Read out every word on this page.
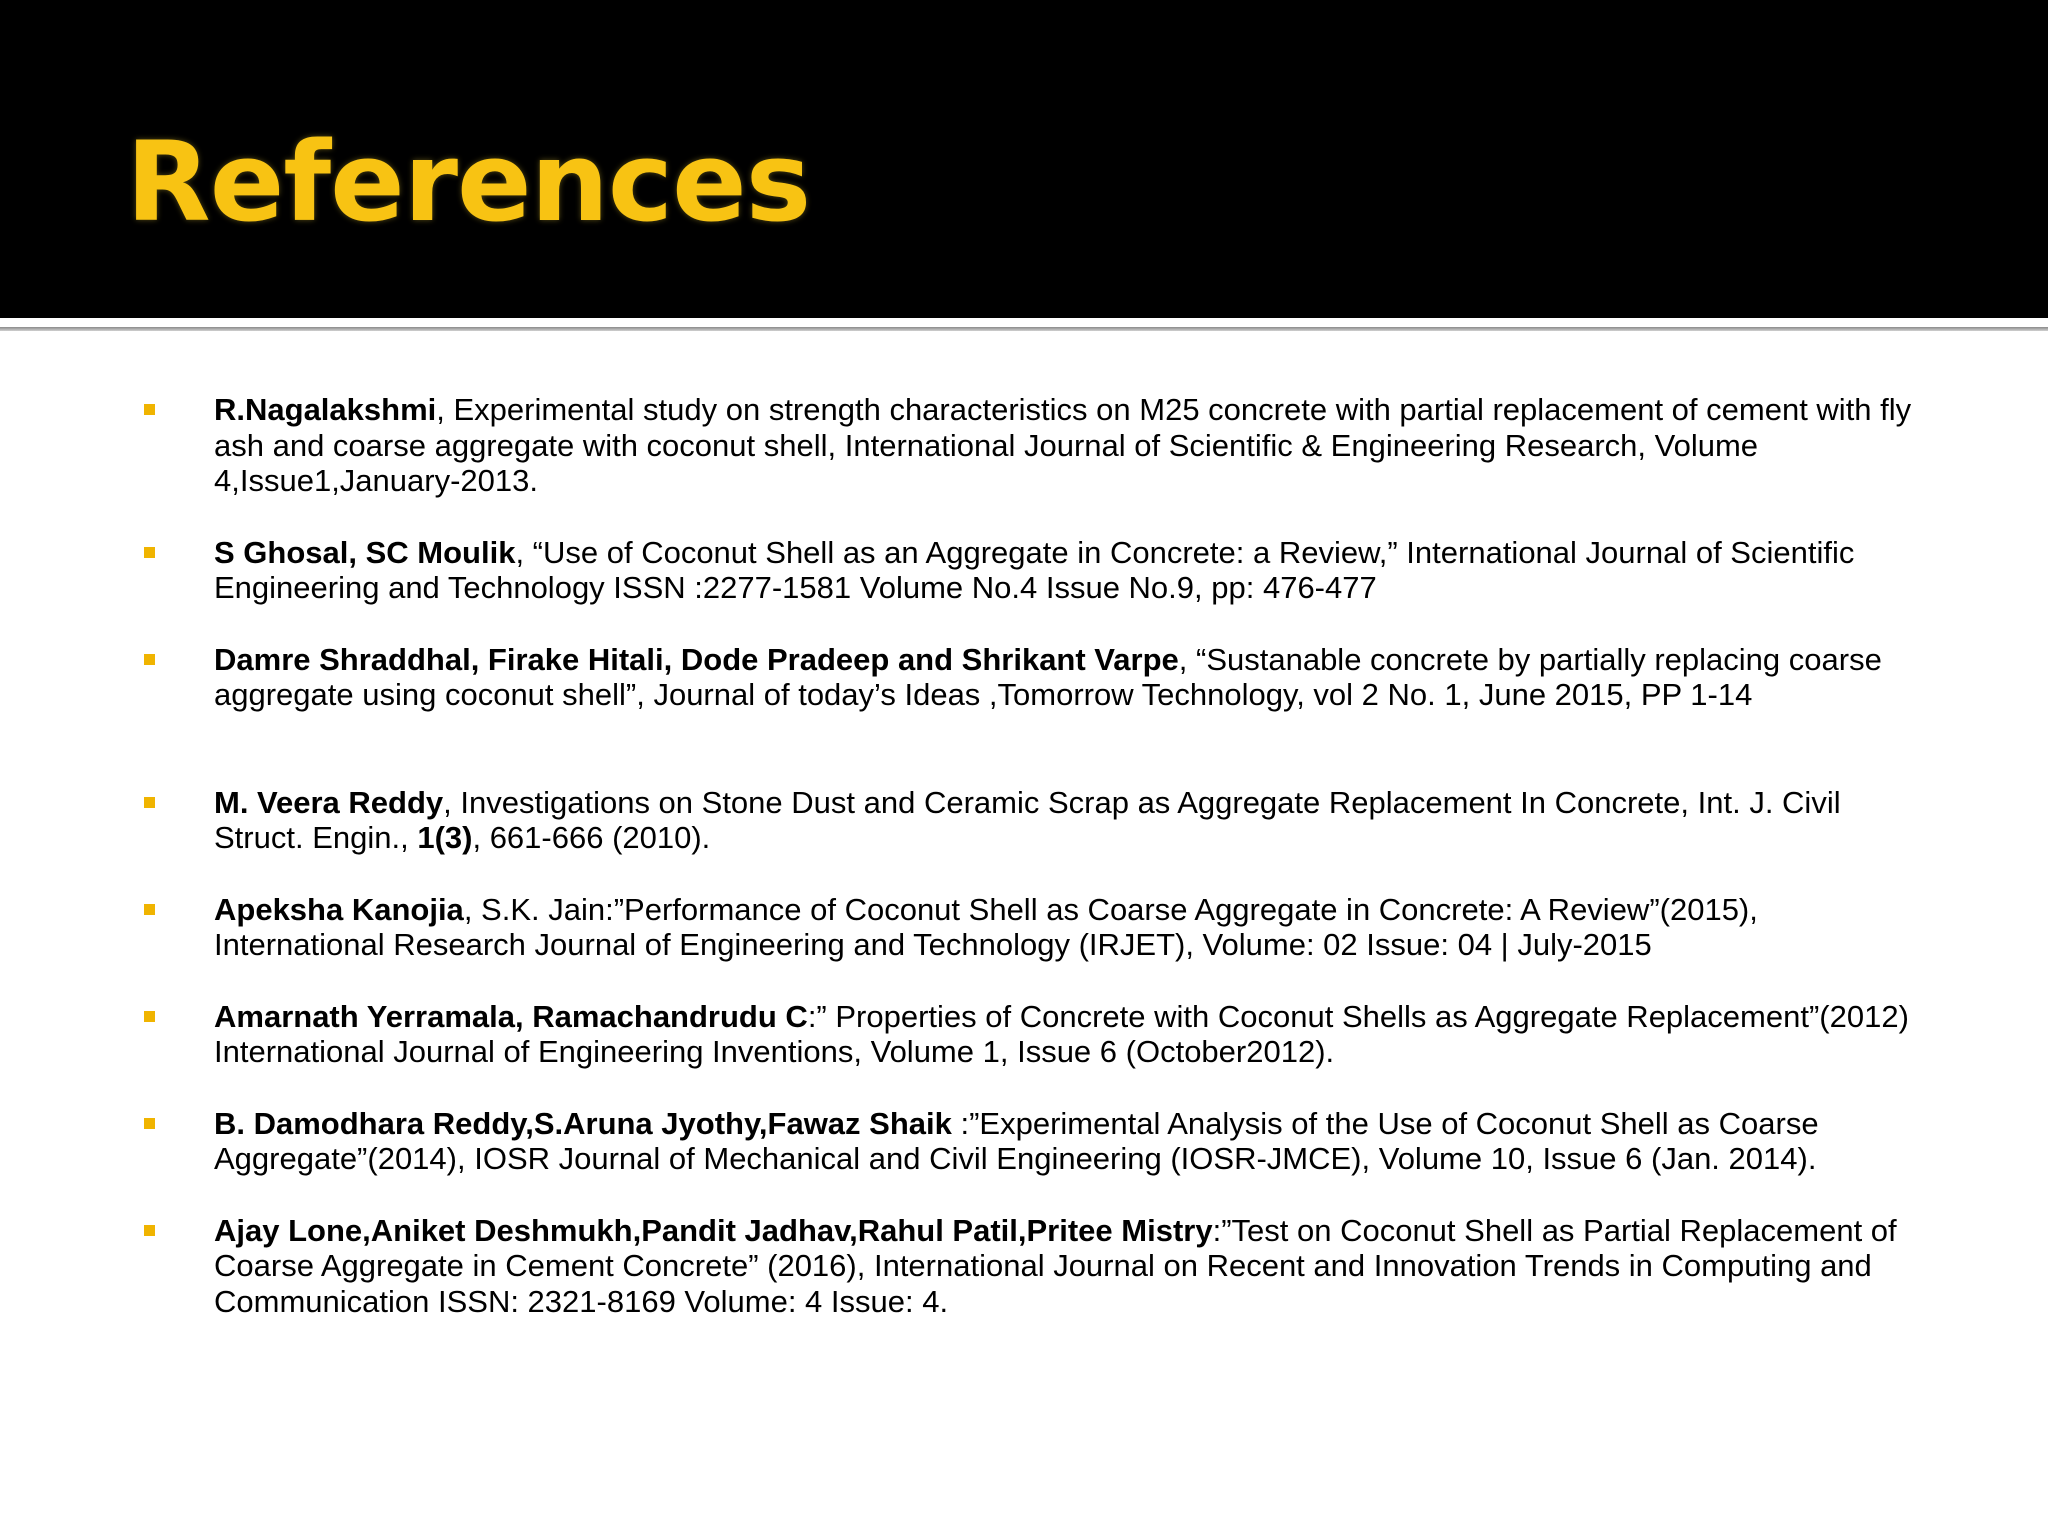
References
R.Nagalakshmi, Experimental study on strength characteristics on M25 concrete with partial replacement of cement with fly ash and coarse aggregate with coconut shell, International Journal of Scientific & Engineering Research, Volume 4,Issue1,January-2013.
S Ghosal, SC Moulik, “Use of Coconut Shell as an Aggregate in Concrete: a Review,” International Journal of Scientific Engineering and Technology ISSN :2277-1581 Volume No.4 Issue No.9, pp: 476-477
Damre Shraddhal, Firake Hitali, Dode Pradeep and Shrikant Varpe, “Sustanable concrete by partially replacing coarse aggregate using coconut shell”, Journal of today’s Ideas ,Tomorrow Technology, vol 2 No. 1, June 2015, PP 1-14
M. Veera Reddy, Investigations on Stone Dust and Ceramic Scrap as Aggregate Replacement In Concrete, Int. J. Civil Struct. Engin., 1(3), 661-666 (2010).
Apeksha Kanojia, S.K. Jain:”Performance of Coconut Shell as Coarse Aggregate in Concrete: A Review”(2015), International Research Journal of Engineering and Technology (IRJET), Volume: 02 Issue: 04 | July-2015
Amarnath Yerramala, Ramachandrudu C:” Properties of Concrete with Coconut Shells as Aggregate Replacement”(2012) International Journal of Engineering Inventions, Volume 1, Issue 6 (October2012).
B. Damodhara Reddy,S.Aruna Jyothy,Fawaz Shaik :”Experimental Analysis of the Use of Coconut Shell as Coarse Aggregate”(2014), IOSR Journal of Mechanical and Civil Engineering (IOSR-JMCE), Volume 10, Issue 6 (Jan. 2014).
Ajay Lone,Aniket Deshmukh,Pandit Jadhav,Rahul Patil,Pritee Mistry:”Test on Coconut Shell as Partial Replacement of Coarse Aggregate in Cement Concrete” (2016), International Journal on Recent and Innovation Trends in Computing and Communication ISSN: 2321-8169 Volume: 4 Issue: 4.
